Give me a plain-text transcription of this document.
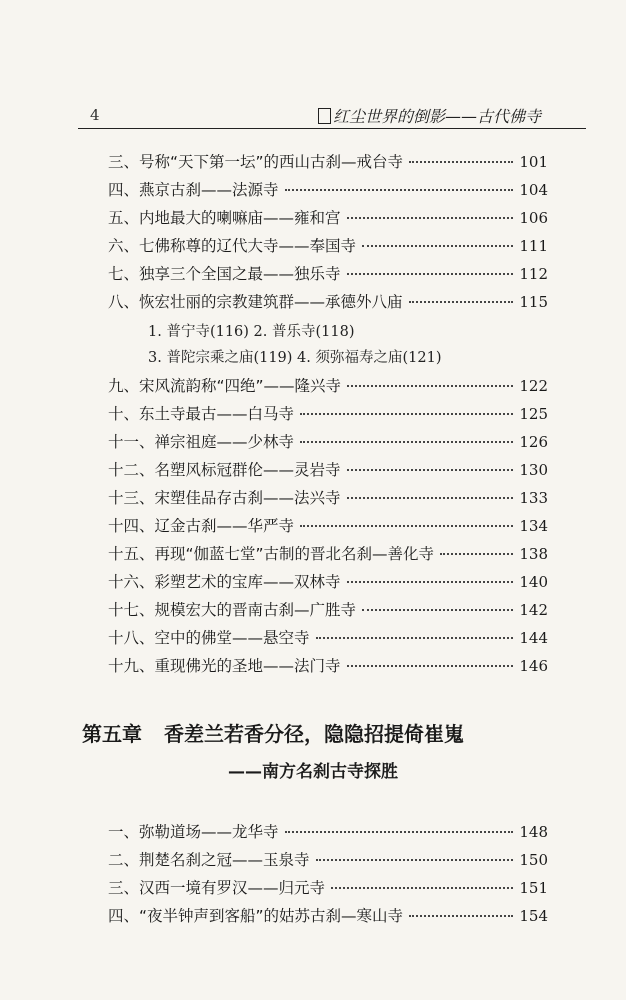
4	红尘世界的倒影——古代佛寺
三、号称“天下第一坛”的西山古刹—戒台寺	101
四、燕京古刹——法源寺	104
五、内地最大的喇嘛庙——雍和宫	106
六、七佛称尊的辽代大寺——奉国寺	111
七、独享三个全国之最——独乐寺	112
八、恢宏壮丽的宗教建筑群——承德外八庙	115
1. 普宁寺(116) 2. 普乐寺(118)
3. 普陀宗乘之庙(119) 4. 须弥福寿之庙(121)
九、宋风流韵称“四绝”——隆兴寺	122
十、东土寺最古——白马寺	125
十一、禅宗祖庭——少林寺	126
十二、名塑风标冠群伦——灵岩寺	130
十三、宋塑佳品存古刹——法兴寺	133
十四、辽金古刹——华严寺	134
十五、再现“伽蓝七堂”古制的晋北名刹—善化寺	138
十六、彩塑艺术的宝库——双林寺	140
十七、规模宏大的晋南古刹—广胜寺	142
十八、空中的佛堂——悬空寺	144
十九、重现佛光的圣地——法门寺	146
第五章 香差兰若香分径，隐隐招提倚崔嵬
——南方名刹古寺探胜
一、弥勒道场——龙华寺	148
二、荆楚名刹之冠——玉泉寺	150
三、汉西一境有罗汉——归元寺	151
四、“夜半钟声到客船”的姑苏古刹—寒山寺	154
